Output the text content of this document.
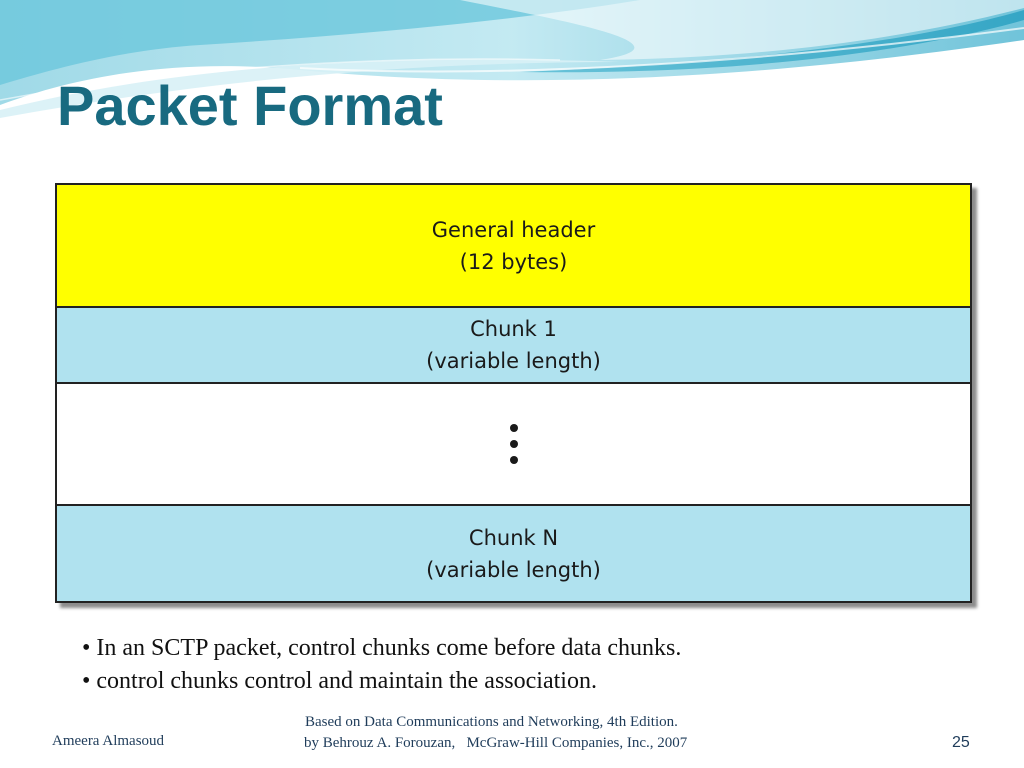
Packet Format
General header
(12 bytes)
Chunk 1
(variable length)
Chunk N
(variable length)
• In an SCTP packet, control chunks come before data chunks.
• control chunks control and maintain the association.
Ameera Almasoud
Based on Data Communications and Networking, 4th Edition.
by Behrouz A. Forouzan,   McGraw-Hill Companies, Inc., 2007	25
